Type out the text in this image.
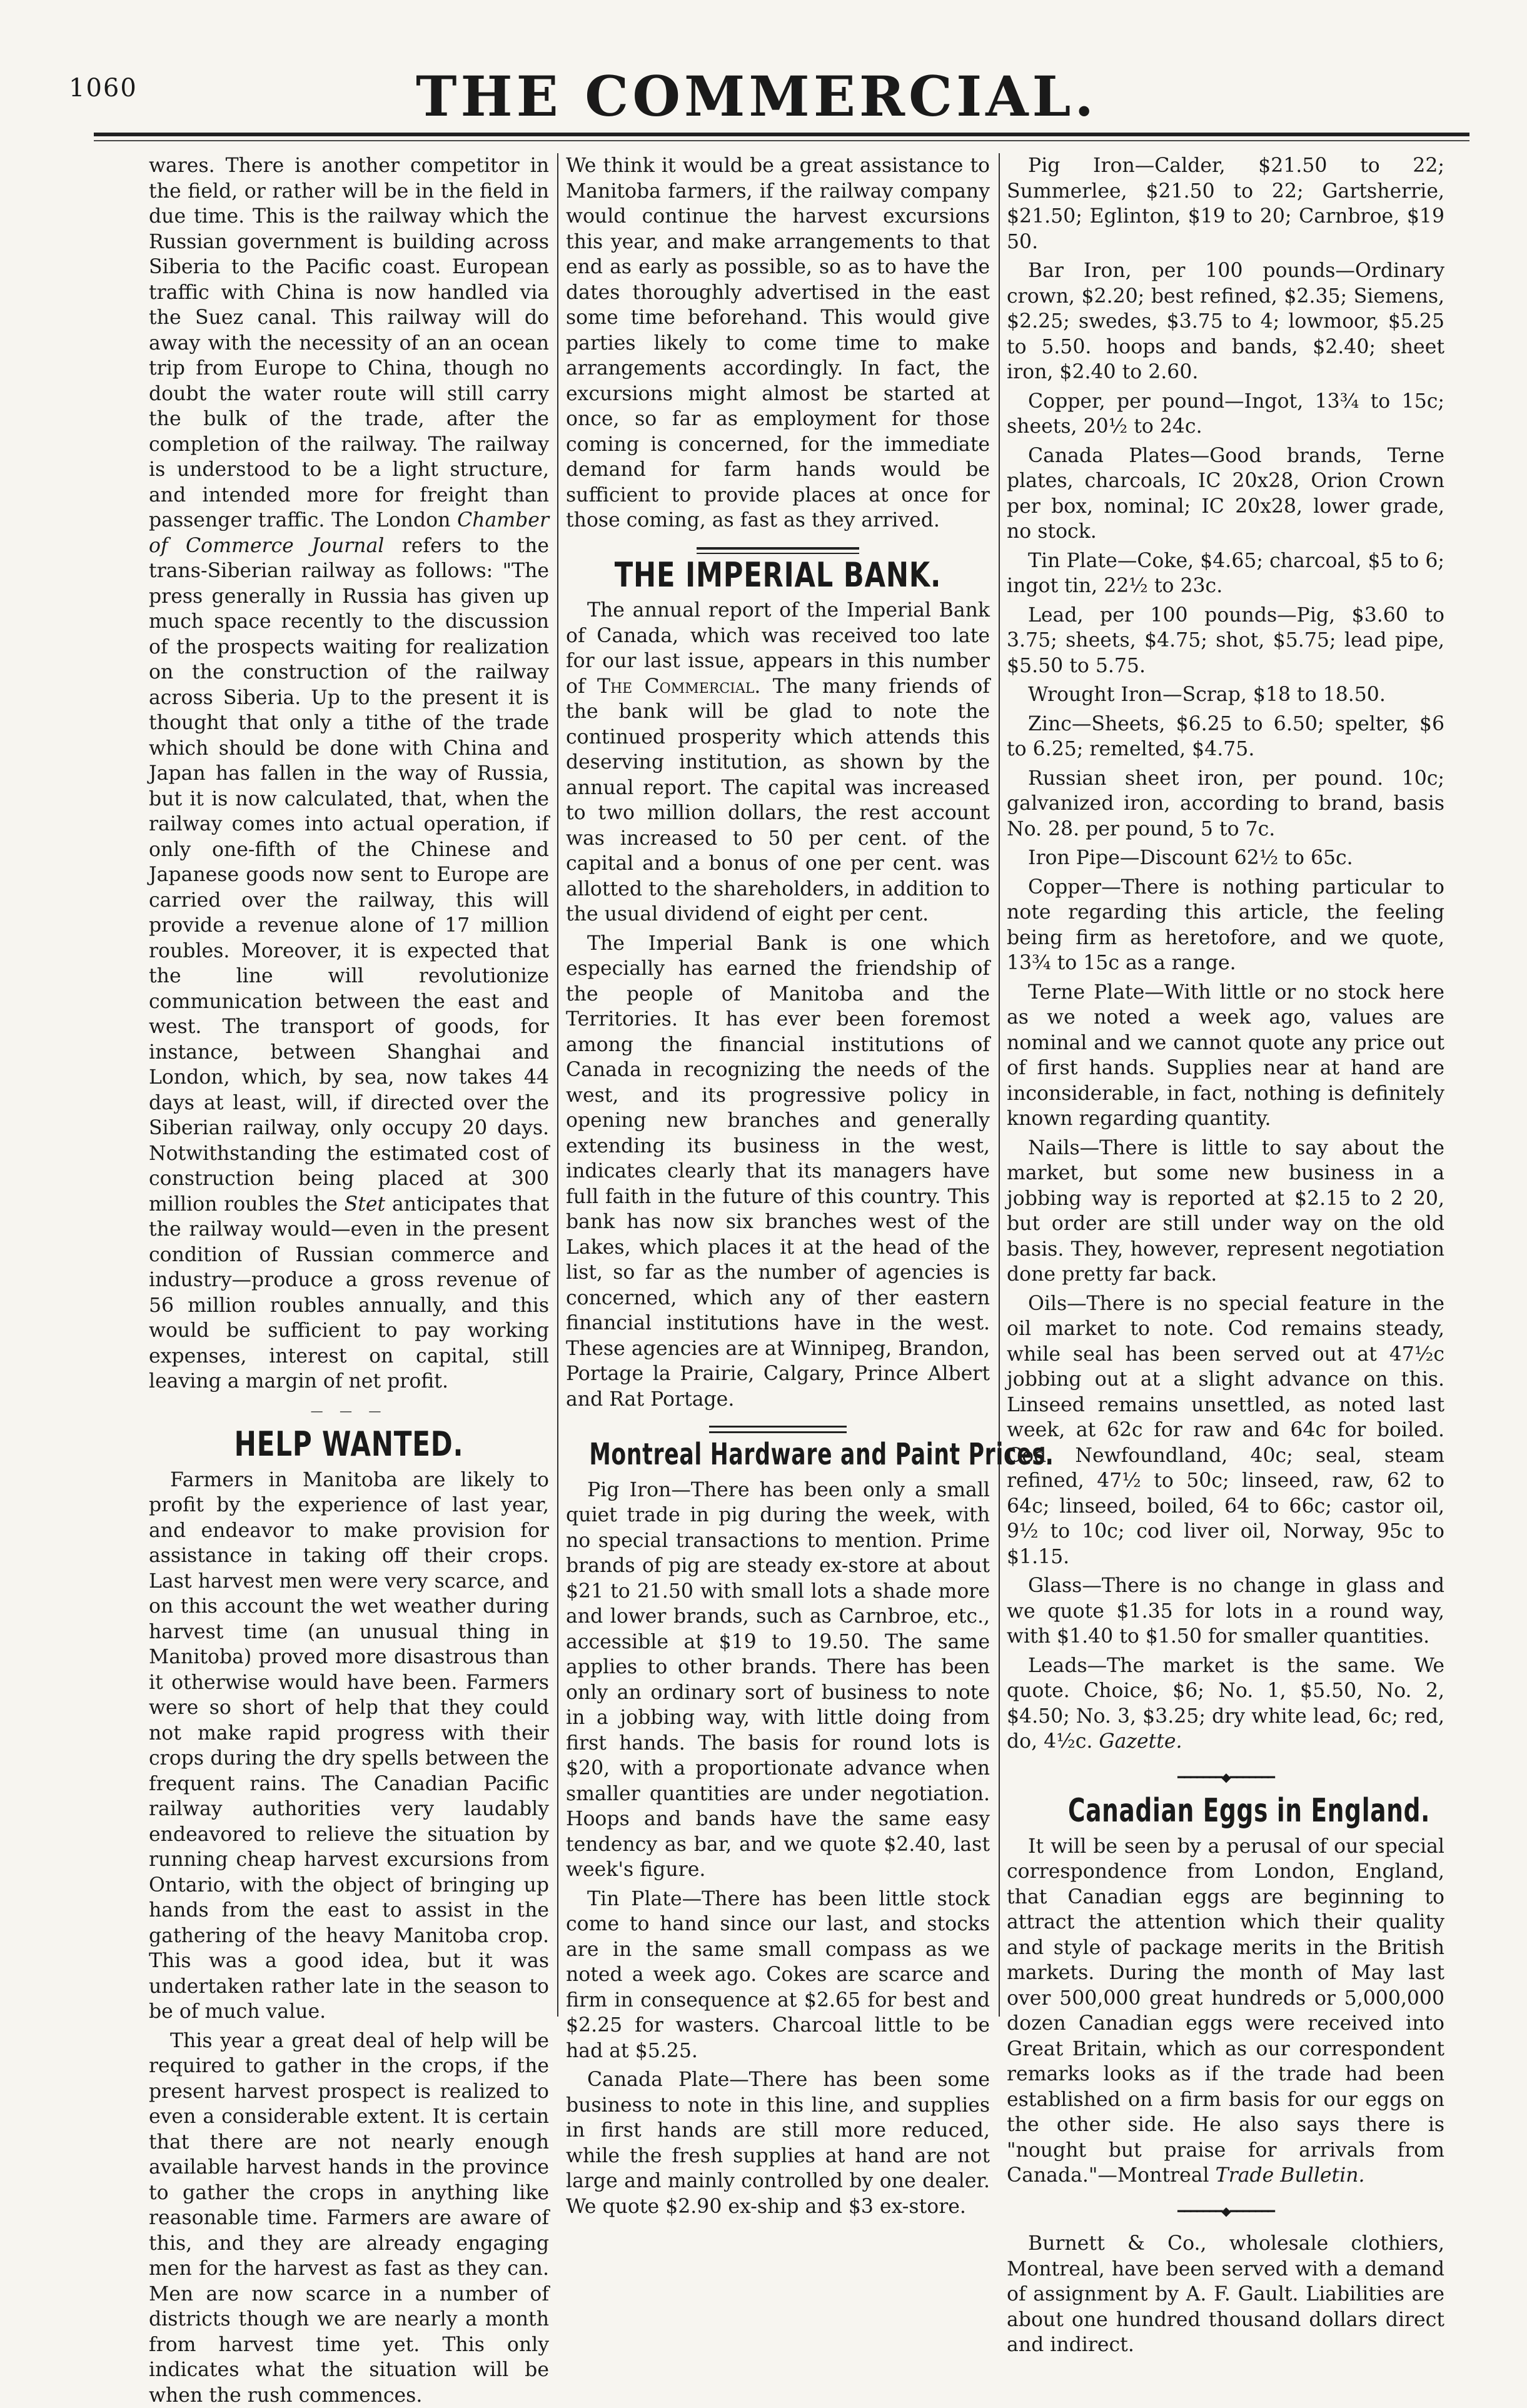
1060	THE COMMERCIAL.

wares. There is another competitor in the field, or rather will be in the field in due time. This is the railway which the Russian government is building across Siberia to the Pacific coast. European traffic with China is now handled via the Suez canal. This railway will do away with the necessity of an an ocean trip from Europe to China, though no doubt the water route will still carry the bulk of the trade, after the completion of the railway. The railway is understood to be a light structure, and intended more for freight than passenger traffic. The London Chamber of Commerce Journal refers to the trans-Siberian railway as follows: "The press generally in Russia has given up much space recently to the discussion of the prospects waiting for realization on the construction of the railway across Siberia. Up to the present it is thought that only a tithe of the trade which should be done with China and Japan has fallen in the way of Russia, but it is now calculated, that, when the railway comes into actual operation, if only one-fifth of the Chinese and Japanese goods now sent to Europe are carried over the railway, this will provide a revenue alone of 17 million roubles. Moreover, it is expected that the line will revolutionize communication between the east and west. The transport of goods, for instance, between Shanghai and London, which, by sea, now takes 44 days at least, will, if directed over the Siberian railway, only occupy 20 days. Notwithstanding the estimated cost of construction being placed at 300 million roubles the Stet anticipates that the railway would—even in the present condition of Russian commerce and industry—produce a gross revenue of 56 million roubles annually, and this would be sufficient to pay working expenses, interest on capital, still leaving a margin of net profit.

— — —
HELP WANTED.

Farmers in Manitoba are likely to profit by the experience of last year, and endeavor to make provision for assistance in taking off their crops. Last harvest men were very scarce, and on this account the wet weather during harvest time (an unusual thing in Manitoba) proved more disastrous than it otherwise would have been. Farmers were so short of help that they could not make rapid progress with their crops during the dry spells between the frequent rains. The Canadian Pacific railway authorities very laudably endeavored to relieve the situation by running cheap harvest excursions from Ontario, with the object of bringing up hands from the east to assist in the gathering of the heavy Manitoba crop. This was a good idea, but it was undertaken rather late in the season to be of much value.

This year a great deal of help will be required to gather in the crops, if the present harvest prospect is realized to even a considerable extent. It is certain that there are not nearly enough available harvest hands in the province to gather the crops in anything like reasonable time. Farmers are aware of this, and they are already engaging men for the harvest as fast as they can. Men are now scarce in a number of districts though we are nearly a month from harvest time yet. This only indicates what the situation will be when the rush commences.

We think it would be a great assistance to Manitoba farmers, if the railway company would continue the harvest excursions this year, and make arrangements to that end as early as possible, so as to have the dates thoroughly advertised in the east some time beforehand. This would give parties likely to come time to make arrangements accordingly. In fact, the excursions might almost be started at once, so far as employment for those coming is concerned, for the immediate demand for farm hands would be sufficient to provide places at once for those coming, as fast as they arrived.

THE IMPERIAL BANK.

The annual report of the Imperial Bank of Canada, which was received too late for our last issue, appears in this number of The Commercial. The many friends of the bank will be glad to note the continued prosperity which attends this deserving institution, as shown by the annual report. The capital was increased to two million dollars, the rest account was increased to 50 per cent. of the capital and a bonus of one per cent. was allotted to the shareholders, in addition to the usual dividend of eight per cent.

The Imperial Bank is one which especially has earned the friendship of the people of Manitoba and the Territories. It has ever been foremost among the financial institutions of Canada in recognizing the needs of the west, and its progressive policy in opening new branches and generally extending its business in the west, indicates clearly that its managers have full faith in the future of this country. This bank has now six branches west of the Lakes, which places it at the head of the list, so far as the number of agencies is concerned, which any of ther eastern financial institutions have in the west. These agencies are at Winnipeg, Brandon, Portage la Prairie, Calgary, Prince Albert and Rat Portage.

Montreal Hardware and Paint Prices.

Pig Iron—There has been only a small quiet trade in pig during the week, with no special transactions to mention. Prime brands of pig are steady ex-store at about $21 to 21.50 with small lots a shade more and lower brands, such as Carnbroe, etc., accessible at $19 to 19.50. The same applies to other brands. There has been only an ordinary sort of business to note in a jobbing way, with little doing from first hands. The basis for round lots is $20, with a proportionate advance when smaller quantities are under negotiation. Hoops and bands have the same easy tendency as bar, and we quote $2.40, last week's figure.

Tin Plate—There has been little stock come to hand since our last, and stocks are in the same small compass as we noted a week ago. Cokes are scarce and firm in consequence at $2.65 for best and $2.25 for wasters. Charcoal little to be had at $5.25.

Canada Plate—There has been some business to note in this line, and supplies in first hands are still more reduced, while the fresh supplies at hand are not large and mainly controlled by one dealer. We quote $2.90 ex-ship and $3 ex-store.

Pig Iron—Calder, $21.50 to 22; Summerlee, $21.50 to 22; Gartsherrie, $21.50; Eglinton, $19 to 20; Carnbroe, $19 50.

Bar Iron, per 100 pounds—Ordinary crown, $2.20; best refined, $2.35; Siemens, $2.25; swedes, $3.75 to 4; lowmoor, $5.25 to 5.50. hoops and bands, $2.40; sheet iron, $2.40 to 2.60.

Copper, per pound—Ingot, 13¾ to 15c; sheets, 20½ to 24c.

Canada Plates—Good brands, Terne plates, charcoals, IC 20x28, Orion Crown per box, nominal; IC 20x28, lower grade, no stock.

Tin Plate—Coke, $4.65; charcoal, $5 to 6; ingot tin, 22½ to 23c.

Lead, per 100 pounds—Pig, $3.60 to 3.75; sheets, $4.75; shot, $5.75; lead pipe, $5.50 to 5.75.

Wrought Iron—Scrap, $18 to 18.50.

Zinc—Sheets, $6.25 to 6.50; spelter, $6 to 6.25; remelted, $4.75.

Russian sheet iron, per pound. 10c; galvanized iron, according to brand, basis No. 28. per pound, 5 to 7c.

Iron Pipe—Discount 62½ to 65c.

Copper—There is nothing particular to note regarding this article, the feeling being firm as heretofore, and we quote, 13¾ to 15c as a range.

Terne Plate—With little or no stock here as we noted a week ago, values are nominal and we cannot quote any price out of first hands. Supplies near at hand are inconsiderable, in fact, nothing is definitely known regarding quantity.

Nails—There is little to say about the market, but some new business in a jobbing way is reported at $2.15 to 2 20, but order are still under way on the old basis. They, however, represent negotiation done pretty far back.

Oils—There is no special feature in the oil market to note. Cod remains steady, while seal has been served out at 47½c jobbing out at a slight advance on this. Linseed remains unsettled, as noted last week, at 62c for raw and 64c for boiled. Cod, Newfoundland, 40c; seal, steam refined, 47½ to 50c; linseed, raw, 62 to 64c; linseed, boiled, 64 to 66c; castor oil, 9½ to 10c; cod liver oil, Norway, 95c to $1.15.

Glass—There is no change in glass and we quote $1.35 for lots in a round way, with $1.40 to $1.50 for smaller quantities.

Leads—The market is the same. We quote. Choice, $6; No. 1, $5.50, No. 2, $4.50; No. 3, $3.25; dry white lead, 6c; red, do, 4½c. Gazette.

━━━━━━━◆━━━━━━━
Canadian Eggs in England.

It will be seen by a perusal of our special correspondence from London, England, that Canadian eggs are beginning to attract the attention which their quality and style of package merits in the British markets. During the month of May last over 500,000 great hundreds or 5,000,000 dozen Canadian eggs were received into Great Britain, which as our correspondent remarks looks as if the trade had been established on a firm basis for our eggs on the other side. He also says there is "nought but praise for arrivals from Canada."—Montreal Trade Bulletin.

━━━━━━━◆━━━━━━━

Burnett & Co., wholesale clothiers, Montreal, have been served with a demand of assignment by A. F. Gault. Liabilities are about one hundred thousand dollars direct and indirect.
